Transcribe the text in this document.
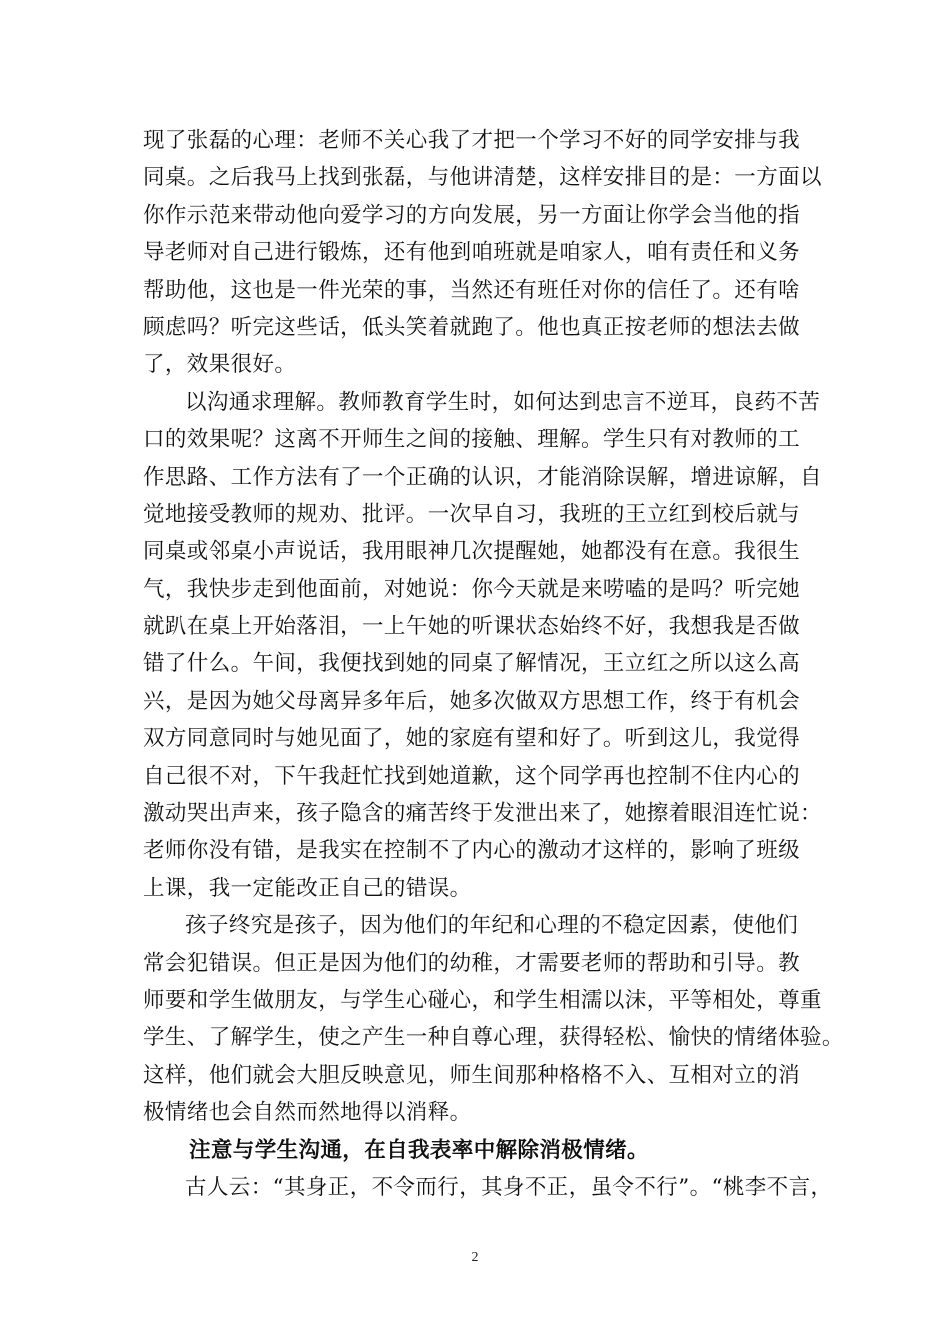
现了张磊的心理：老师不关心我了才把一个学习不好的同学安排与我
同桌。之后我马上找到张磊，与他讲清楚，这样安排目的是：一方面以
你作示范来带动他向爱学习的方向发展，另一方面让你学会当他的指
导老师对自己进行锻炼，还有他到咱班就是咱家人，咱有责任和义务
帮助他，这也是一件光荣的事，当然还有班任对你的信任了。还有啥
顾虑吗？听完这些话，低头笑着就跑了。他也真正按老师的想法去做
了，效果很好。
以沟通求理解。教师教育学生时，如何达到忠言不逆耳，良药不苦
口的效果呢？这离不开师生之间的接触、理解。学生只有对教师的工
作思路、工作方法有了一个正确的认识，才能消除误解，增进谅解，自
觉地接受教师的规劝、批评。一次早自习，我班的王立红到校后就与
同桌或邻桌小声说话，我用眼神几次提醒她，她都没有在意。我很生
气，我快步走到他面前，对她说：你今天就是来唠嗑的是吗？听完她
就趴在桌上开始落泪，一上午她的听课状态始终不好，我想我是否做
错了什么。午间，我便找到她的同桌了解情况，王立红之所以这么高
兴，是因为她父母离异多年后，她多次做双方思想工作，终于有机会
双方同意同时与她见面了，她的家庭有望和好了。听到这儿，我觉得
自己很不对，下午我赶忙找到她道歉，这个同学再也控制不住内心的
激动哭出声来，孩子隐含的痛苦终于发泄出来了，她擦着眼泪连忙说：
老师你没有错，是我实在控制不了内心的激动才这样的，影响了班级
上课，我一定能改正自己的错误。
孩子终究是孩子，因为他们的年纪和心理的不稳定因素，使他们
常会犯错误。但正是因为他们的幼稚，才需要老师的帮助和引导。教
师要和学生做朋友，与学生心碰心，和学生相濡以沫，平等相处，尊重
学生、了解学生，使之产生一种自尊心理，获得轻松、愉快的情绪体验。
这样，他们就会大胆反映意见，师生间那种格格不入、互相对立的消
极情绪也会自然而然地得以消释。
注意与学生沟通，在自我表率中解除消极情绪。
古人云：“其身正，不令而行，其身不正，虽令不行”。“桃李不言，
2
